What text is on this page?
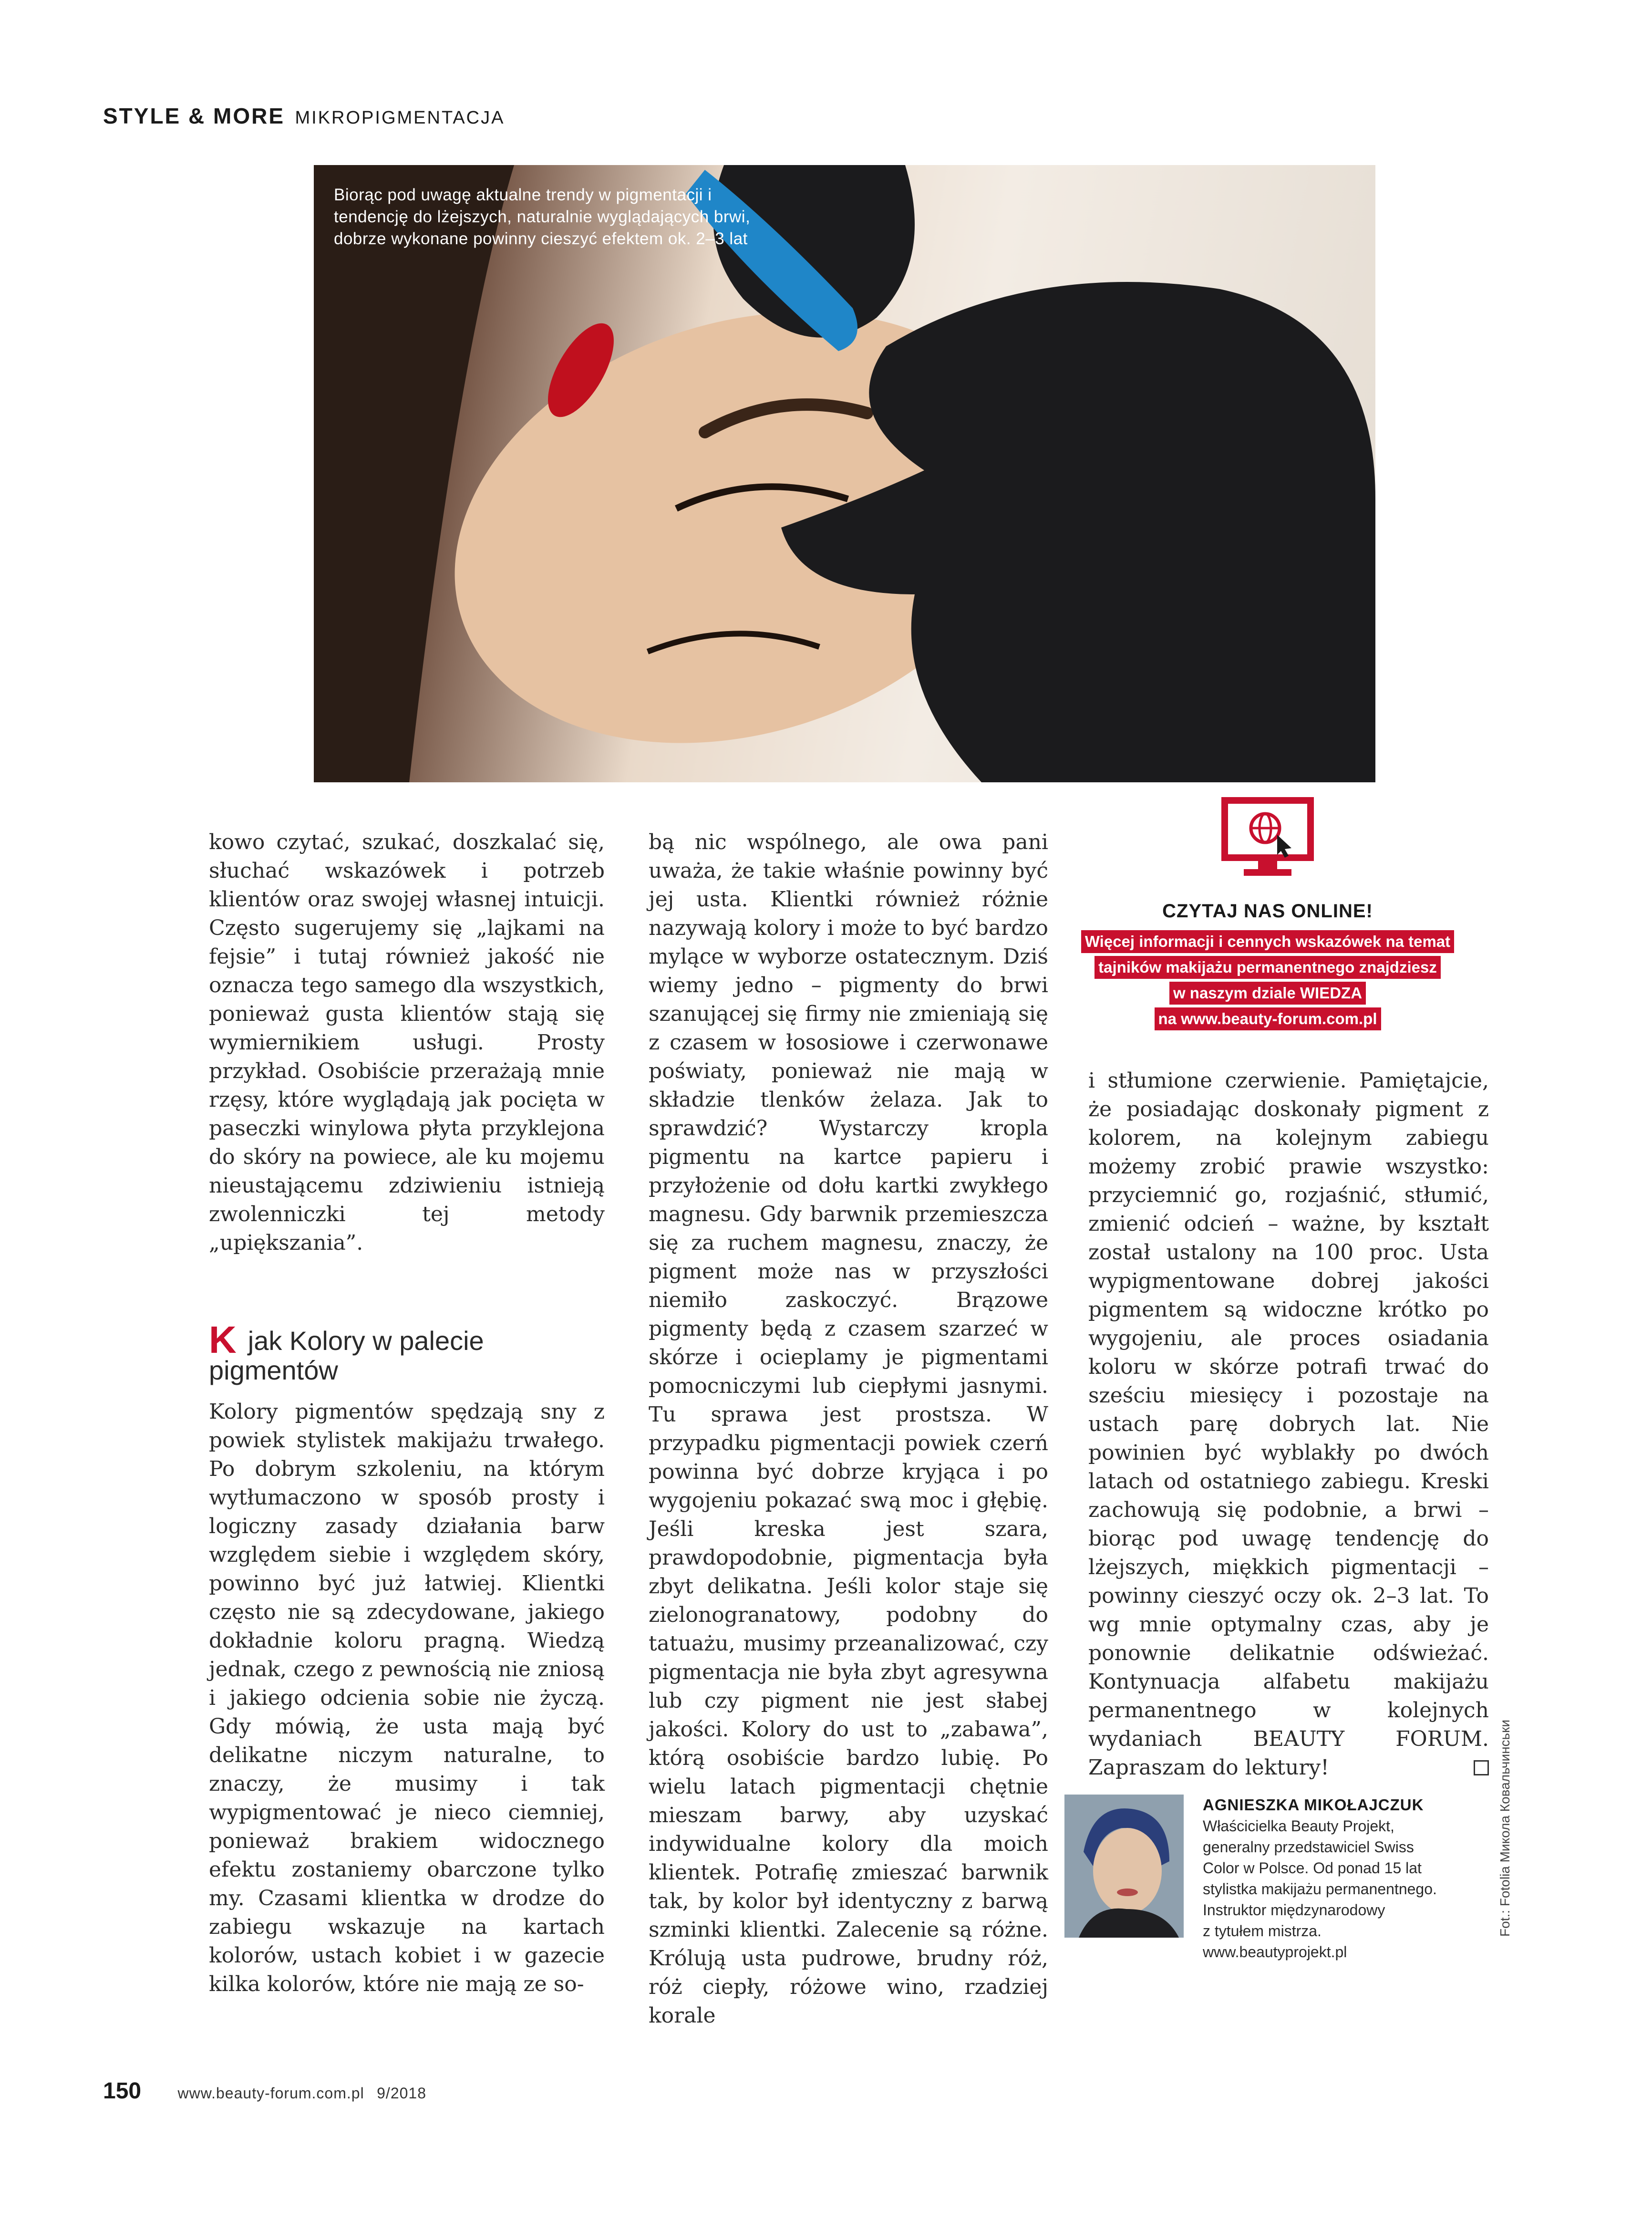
STYLE & MORE MIKROPIGMENTACJA
Biorąc pod uwagę aktualne trendy w pigmentacji i tendencję do lżejszych, naturalnie wyglądających brwi, dobrze wykonane powinny cieszyć efektem ok. 2–3 lat

kowo czytać, szukać, doszkalać się, słuchać wskazówek i potrzeb klientów oraz swojej własnej intuicji. Często sugerujemy się „lajkami na fejsie” i tutaj również jakość nie oznacza tego samego dla wszystkich, ponieważ gusta klientów stają się wymiernikiem usługi. Prosty przykład. Osobiście przerażają mnie rzęsy, które wyglądają jak pocięta w paseczki winylowa płyta przyklejona do skóry na powiece, ale ku mojemu nieustającemu zdziwieniu istnieją zwolenniczki tej metody „upiększania”.

K jak Kolory w palecie pigmentów

Kolory pigmentów spędzają sny z powiek stylistek makijażu trwałego. Po dobrym szkoleniu, na którym wytłumaczono w sposób prosty i logiczny zasady działania barw względem siebie i względem skóry, powinno być już łatwiej. Klientki często nie są zdecydowane, jakiego dokładnie koloru pragną. Wiedzą jednak, czego z pewnością nie zniosą i jakiego odcienia sobie nie życzą. Gdy mówią, że usta mają być delikatne niczym naturalne, to znaczy, że musimy i tak wypigmentować je nieco ciemniej, ponieważ brakiem widocznego efektu zostaniemy obarczone tylko my. Czasami klientka w drodze do zabiegu wskazuje na kartach kolorów, ustach kobiet i w gazecie kilka kolorów, które nie mają ze so-

bą nic wspólnego, ale owa pani uważa, że takie właśnie powinny być jej usta. Klientki również różnie nazywają kolory i może to być bardzo mylące w wyborze ostatecznym. Dziś wiemy jedno – pigmenty do brwi szanującej się firmy nie zmieniają się z czasem w łososiowe i czerwonawe poświaty, ponieważ nie mają w składzie tlenków żelaza. Jak to sprawdzić? Wystarczy kropla pigmentu na kartce papieru i przyłożenie od dołu kartki zwykłego magnesu. Gdy barwnik przemieszcza się za ruchem magnesu, znaczy, że pigment może nas w przyszłości niemiło zaskoczyć. Brązowe pigmenty będą z czasem szarzeć w skórze i ocieplamy je pigmentami pomocniczymi lub ciepłymi jasnymi. Tu sprawa jest prostsza. W przypadku pigmentacji powiek czerń powinna być dobrze kryjąca i po wygojeniu pokazać swą moc i głębię. Jeśli kreska jest szara, prawdopodobnie, pigmentacja była zbyt delikatna. Jeśli kolor staje się zielonogranatowy, podobny do tatuażu, musimy przeanalizować, czy pigmentacja nie była zbyt agresywna lub czy pigment nie jest słabej jakości. Kolory do ust to „zabawa”, którą osobiście bardzo lubię. Po wielu latach pigmentacji chętnie mieszam barwy, aby uzyskać indywidualne kolory dla moich klientek. Potrafię zmieszać barwnik tak, by kolor był identyczny z barwą szminki klientki. Zalecenie są różne. Królują usta pudrowe, brudny róż, róż ciepły, różowe wino, rzadziej korale

CZYTAJ NAS ONLINE!
Więcej informacji i cennych wskazówek na temat
tajników makijażu permanentnego znajdziesz
w naszym dziale WIEDZA
na www.beauty-forum.com.pl

i stłumione czerwienie. Pamiętajcie, że posiadając doskonały pigment z kolorem, na kolejnym zabiegu możemy zrobić prawie wszystko: przyciemnić go, rozjaśnić, stłumić, zmienić odcień – ważne, by kształt został ustalony na 100 proc. Usta wypigmentowane dobrej jakości pigmentem są widoczne krótko po wygojeniu, ale proces osiadania koloru w skórze potrafi trwać do sześciu miesięcy i pozostaje na ustach parę dobrych lat. Nie powinien być wyblakły po dwóch latach od ostatniego zabiegu. Kreski zachowują się podobnie, a brwi – biorąc pod uwagę tendencję do lżejszych, miękkich pigmentacji – powinny cieszyć oczy ok. 2–3 lat. To wg mnie optymalny czas, aby je ponownie delikatnie odświeżać. Kontynuacja alfabetu makijażu permanentnego w kolejnych wydaniach BEAUTY FORUM. Zapraszam do lektury!

AGNIESZKA MIKOŁAJCZUK
Właścicielka Beauty Projekt,
generalny przedstawiciel Swiss
Color w Polsce. Od ponad 15 lat
stylistka makijażu permanentnego.
Instruktor międzynarodowy
z tytułem mistrza.
www.beautyprojekt.pl
Fot.: Fotolia Микола Ковальчинськи
150 www.beauty-forum.com.pl 9/2018
